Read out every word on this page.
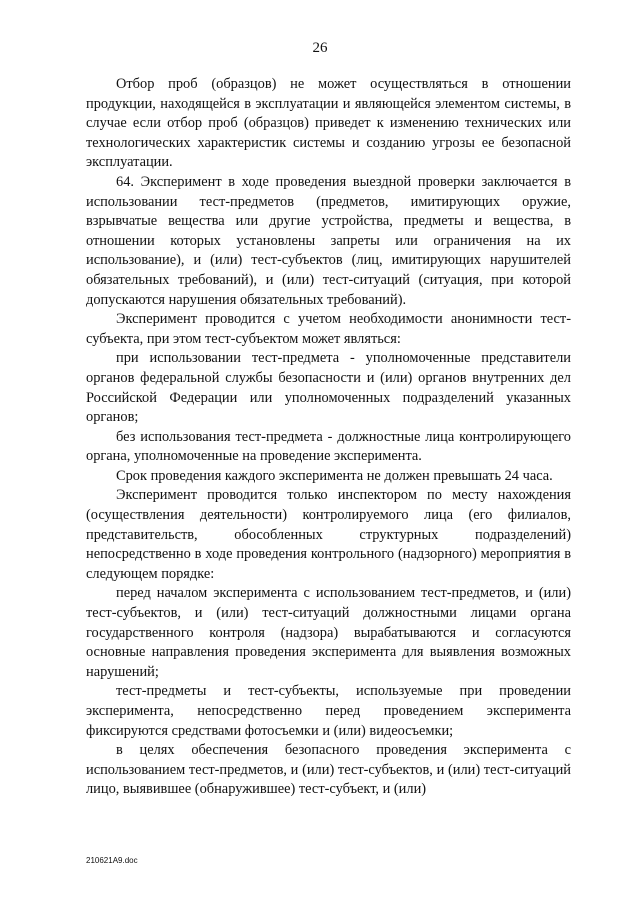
26

Отбор проб (образцов) не может осуществляться в отношении продукции, находящейся в эксплуатации и являющейся элементом системы, в случае если отбор проб (образцов) приведет к изменению технических или технологических характеристик системы и созданию угрозы ее безопасной эксплуатации.

64. Эксперимент в ходе проведения выездной проверки заключается в использовании тест-предметов (предметов, имитирующих оружие, взрывчатые вещества или другие устройства, предметы и вещества, в отношении которых установлены запреты или ограничения на их использование), и (или) тест-субъектов (лиц, имитирующих нарушителей обязательных требований), и (или) тест-ситуаций (ситуация, при которой допускаются нарушения обязательных требований).

Эксперимент проводится с учетом необходимости анонимности тест-субъекта, при этом тест-субъектом может являться:

при использовании тест-предмета - уполномоченные представители органов федеральной службы безопасности и (или) органов внутренних дел Российской Федерации или уполномоченных подразделений указанных органов;

без использования тест-предмета - должностные лица контролирующего органа, уполномоченные на проведение эксперимента.

Срок проведения каждого эксперимента не должен превышать 24 часа.

Эксперимент проводится только инспектором по месту нахождения (осуществления деятельности) контролируемого лица (его филиалов, представительств, обособленных структурных подразделений) непосредственно в ходе проведения контрольного (надзорного) мероприятия в следующем порядке:

перед началом эксперимента с использованием тест-предметов, и (или) тест-субъектов, и (или) тест-ситуаций должностными лицами органа государственного контроля (надзора) вырабатываются и согласуются основные направления проведения эксперимента для выявления возможных нарушений;

тест-предметы и тест-субъекты, используемые при проведении эксперимента, непосредственно перед проведением эксперимента фиксируются средствами фотосъемки и (или) видеосъемки;

в целях обеспечения безопасного проведения эксперимента с использованием тест-предметов, и (или) тест-субъектов, и (или) тест-ситуаций лицо, выявившее (обнаружившее) тест-субъект, и (или)

210621A9.doc
